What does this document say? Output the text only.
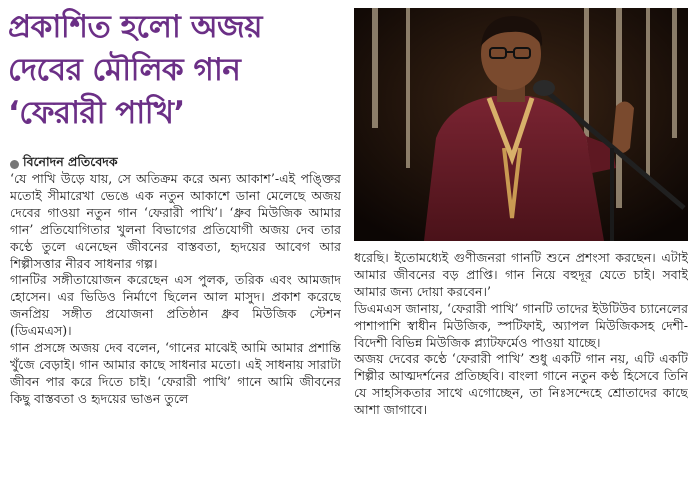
প্রকাশিত হলো অজয়
দেবের মৌলিক গান
‘ফেরারী পাখি’
বিনোদন প্রতিবেদক

‘যে পাখি উড়ে যায়, সে অতিক্রম করে অন্য আকাশ’-এই পঙ্ক্তির মতোই সীমারেখা ভেঙে এক নতুন আকাশে ডানা মেলেছে অজয় দেবের গাওয়া নতুন গান ‘ফেরারী পাখি’। ‘ধ্রুব মিউজিক আমার গান’ প্রতিযোগিতার খুলনা বিভাগের প্রতিযোগী অজয় দেব তার কণ্ঠে তুলে এনেছেন জীবনের বাস্তবতা, হৃদয়ের আবেগ আর শিল্পীসত্তার নীরব সাধনার গল্প।

গানটির সঙ্গীতায়োজন করেছেন এস পুলক, তরিক এবং আমজাদ হোসেন। এর ভিডিও নির্মাণে ছিলেন আল মাসুদ। প্রকাশ করেছে জনপ্রিয় সঙ্গীত প্রযোজনা প্রতিষ্ঠান ধ্রুব মিউজিক স্টেশন (ডিএমএস)।

গান প্রসঙ্গে অজয় দেব বলেন, ‘গানের মাঝেই আমি আমার প্রশান্তি খুঁজে বেড়াই। গান আমার কাছে সাধনার মতো। এই সাধনায় সারাটা জীবন পার করে দিতে চাই। ‘ফেরারী পাখি’ গানে আমি জীবনের কিছু বাস্তবতা ও হৃদয়ের ভাঙন তুলে

ধরেছি। ইতোমধ্যেই গুণীজনরা গানটি শুনে প্রশংসা করছেন। এটাই আমার জীবনের বড় প্রাপ্তি। গান নিয়ে বহুদূর যেতে চাই। সবাই আমার জন্য দোয়া করবেন।’

ডিএমএস জানায়, ‘ফেরারী পাখি’ গানটি তাদের ইউটিউব চ্যানেলের পাশাপাশি স্বাধীন মিউজিক, স্পটিফাই, অ্যাপল মিউজিকসহ দেশী-বিদেশী বিভিন্ন মিউজিক প্ল্যাটফর্মেও পাওয়া যাচ্ছে।

অজয় দেবের কণ্ঠে ‘ফেরারী পাখি’ শুধু একটি গান নয়, এটি একটি শিল্পীর আত্মদর্শনের প্রতিচ্ছবি। বাংলা গানে নতুন কণ্ঠ হিসেবে তিনি যে সাহসিকতার সাথে এগোচ্ছেন, তা নিঃসন্দেহে শ্রোতাদের কাছে আশা জাগাবে।
